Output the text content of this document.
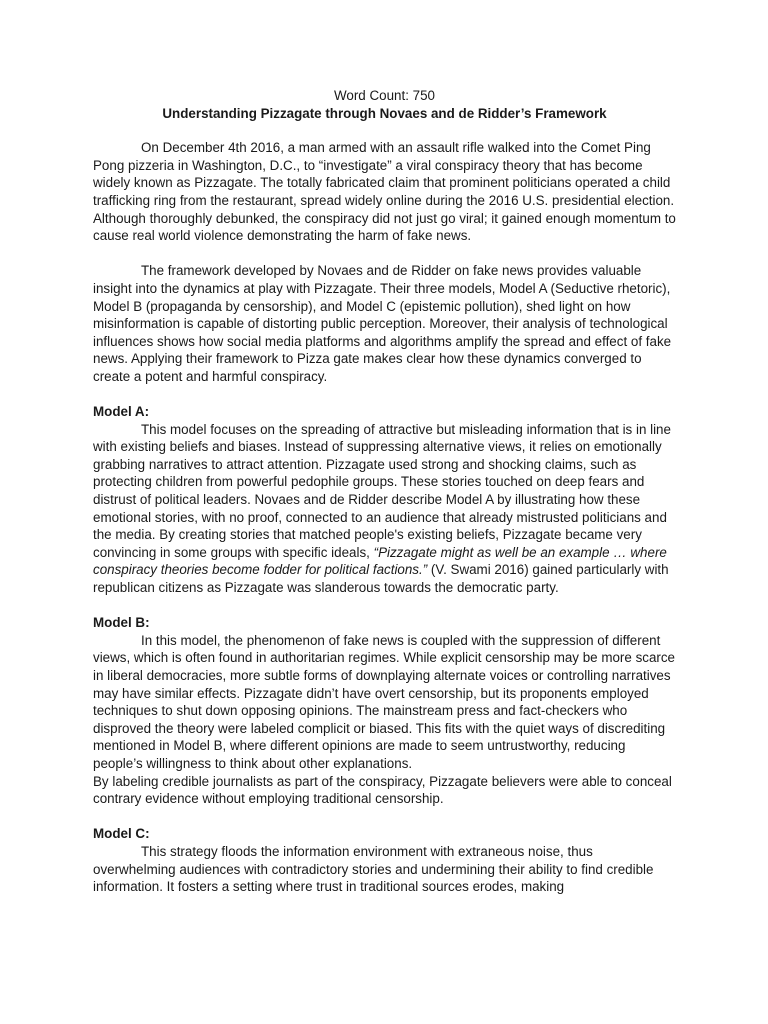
Word Count: 750

Understanding Pizzagate through Novaes and de Ridder’s Framework

On December 4th 2016, a man armed with an assault rifle walked into the Comet Ping Pong pizzeria in Washington, D.C., to “investigate” a viral conspiracy theory that has become widely known as Pizzagate. The totally fabricated claim that prominent politicians operated a child trafficking ring from the restaurant, spread widely online during the 2016 U.S. presidential election. Although thoroughly debunked, the conspiracy did not just go viral; it gained enough momentum to cause real world violence demonstrating the harm of fake news.

The framework developed by Novaes and de Ridder on fake news provides valuable insight into the dynamics at play with Pizzagate. Their three models, Model A (Seductive rhetoric), Model B (propaganda by censorship), and Model C (epistemic pollution), shed light on how misinformation is capable of distorting public perception. Moreover, their analysis of technological influences shows how social media platforms and algorithms amplify the spread and effect of fake news. Applying their framework to Pizza gate makes clear how these dynamics converged to create a potent and harmful conspiracy.

Model A:

This model focuses on the spreading of attractive but misleading information that is in line with existing beliefs and biases. Instead of suppressing alternative views, it relies on emotionally grabbing narratives to attract attention. Pizzagate used strong and shocking claims, such as protecting children from powerful pedophile groups. These stories touched on deep fears and distrust of political leaders. Novaes and de Ridder describe Model A by illustrating how these emotional stories, with no proof, connected to an audience that already mistrusted politicians and the media. By creating stories that matched people's existing beliefs, Pizzagate became very convincing in some groups with specific ideals, “Pizzagate might as well be an example … where conspiracy theories become fodder for political factions.” (V. Swami 2016) gained particularly with republican citizens as Pizzagate was slanderous towards the democratic party.

Model B:

In this model, the phenomenon of fake news is coupled with the suppression of different views, which is often found in authoritarian regimes. While explicit censorship may be more scarce in liberal democracies, more subtle forms of downplaying alternate voices or controlling narratives may have similar effects. Pizzagate didn’t have overt censorship, but its proponents employed techniques to shut down opposing opinions. The mainstream press and fact-checkers who disproved the theory were labeled complicit or biased. This fits with the quiet ways of discrediting mentioned in Model B, where different opinions are made to seem untrustworthy, reducing people’s willingness to think about other explanations.

By labeling credible journalists as part of the conspiracy, Pizzagate believers were able to conceal contrary evidence without employing traditional censorship.

Model C:

This strategy floods the information environment with extraneous noise, thus overwhelming audiences with contradictory stories and undermining their ability to find credible information. It fosters a setting where trust in traditional sources erodes, making
